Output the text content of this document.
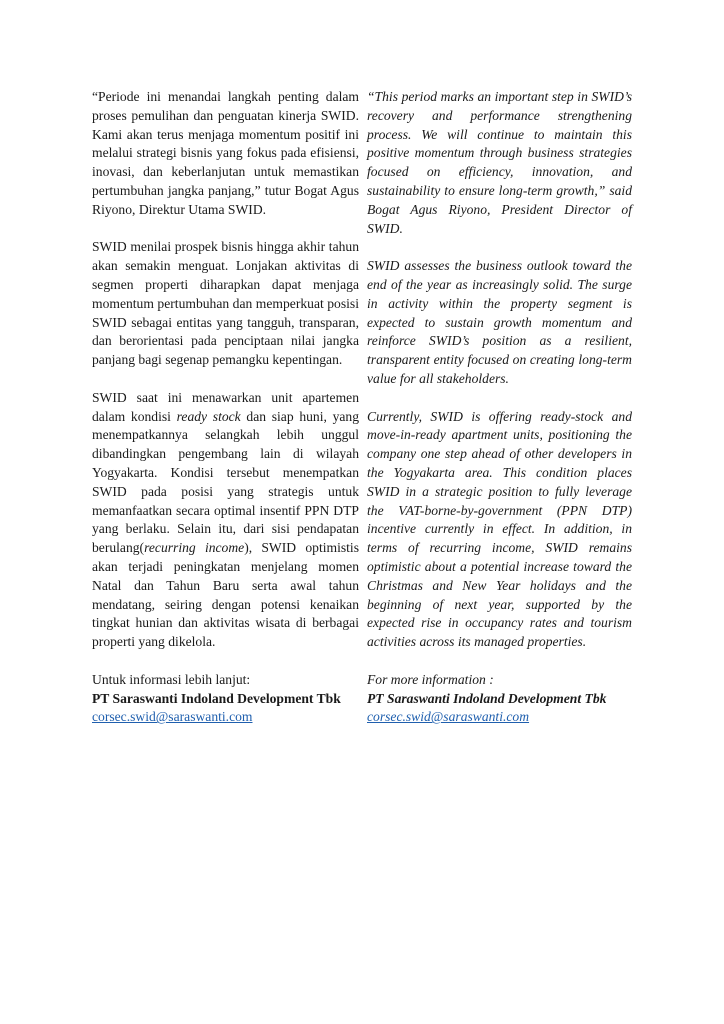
“Periode ini menandai langkah penting dalam proses pemulihan dan penguatan kinerja SWID. Kami akan terus menjaga momentum positif ini melalui strategi bisnis yang fokus pada efisiensi, inovasi, dan keberlanjutan untuk memastikan pertumbuhan jangka panjang,” tutur Bogat Agus Riyono, Direktur Utama SWID.

SWID menilai prospek bisnis hingga akhir tahun akan semakin menguat. Lonjakan aktivitas di segmen properti diharapkan dapat menjaga momentum pertumbuhan dan memperkuat posisi SWID sebagai entitas yang tangguh, transparan, dan berorientasi pada penciptaan nilai jangka panjang bagi segenap pemangku kepentingan.

SWID saat ini menawarkan unit apartemen dalam kondisi ready stock dan siap huni, yang menempatkannya selangkah lebih unggul dibandingkan pengembang lain di wilayah Yogyakarta. Kondisi tersebut menempatkan SWID pada posisi yang strategis untuk memanfaatkan secara optimal insentif PPN DTP yang berlaku. Selain itu, dari sisi pendapatan berulang(recurring income), SWID optimistis akan terjadi peningkatan menjelang momen Natal dan Tahun Baru serta awal tahun mendatang, seiring dengan potensi kenaikan tingkat hunian dan aktivitas wisata di berbagai properti yang dikelola.

Untuk informasi lebih lanjut:
PT Saraswanti Indoland Development Tbk
corsec.swid@saraswanti.com

“This period marks an important step in SWID’s recovery and performance strengthening process. We will continue to maintain this positive momentum through business strategies focused on efficiency, innovation, and sustainability to ensure long-term growth,” said Bogat Agus Riyono, President Director of SWID.

SWID assesses the business outlook toward the end of the year as increasingly solid. The surge in activity within the property segment is expected to sustain growth momentum and reinforce SWID’s position as a resilient, transparent entity focused on creating long-term value for all stakeholders.

Currently, SWID is offering ready-stock and move-in-ready apartment units, positioning the company one step ahead of other developers in the Yogyakarta area. This condition places SWID in a strategic position to fully leverage the VAT-borne-by-government (PPN DTP) incentive currently in effect. In addition, in terms of recurring income, SWID remains optimistic about a potential increase toward the Christmas and New Year holidays and the beginning of next year, supported by the expected rise in occupancy rates and tourism activities across its managed properties.

For more information :
PT Saraswanti Indoland Development Tbk
corsec.swid@saraswanti.com
